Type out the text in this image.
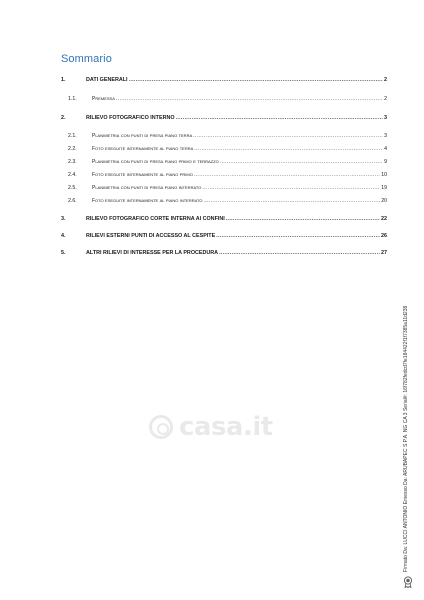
Sommario
1.	DATI GENERALI .....	2
1.1.	Premessa .....	2
2.	RILIEVO FOTOGRAFICO INTERNO .....	3
2.1.	Planimetria con punti di presa piano terra .....	3
2.2.	Foto eseguite internamente al piano terra .....	4
2.3.	Planimetria con punti di presa piano primo e terrazzo .....	9
2.4.	Foto eseguite internamente al piano primo .....	10
2.5.	Planimetria con punti di presa piano interrato .....	19
2.6.	Foto eseguite internamente al piano interrato .....	20
3.	RILIEVO FOTOGRAFICO CORTE INTERNA AI CONFINI .....	22
4.	RILIEVI ESTERNI PUNTI DI ACCESSO AL CESPITE .....	26
5.	ALTRI RILIEVI DI INTERESSE PER LA PROCEDURA .....	27
casa.it	Firmato Da: LUCCI ANTONIO Emesso Da: ARUBAPEC S.P.A. NG CA 3 Serial#: 16f782fedcd7fe184422f1f7385a11d238
